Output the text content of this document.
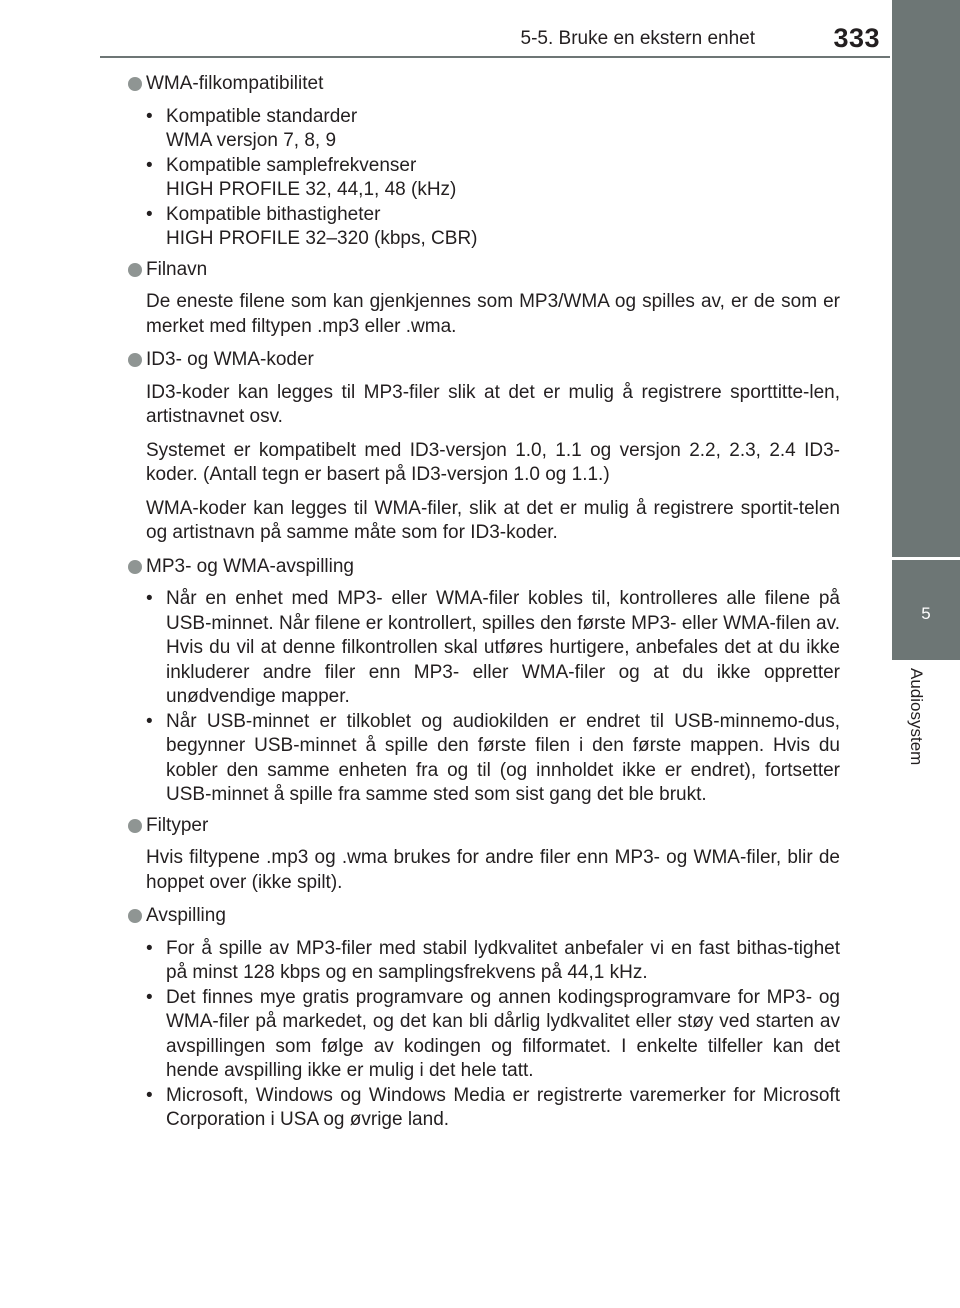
5-5. Bruke en ekstern enhet	333
5
Audiosystem
WMA-filkompatibilitet
• Kompatible standarder
WMA versjon 7, 8, 9
• Kompatible samplefrekvenser
HIGH PROFILE 32, 44,1, 48 (kHz)
• Kompatible bithastigheter
HIGH PROFILE 32–320 (kbps, CBR)
Filnavn
De eneste filene som kan gjenkjennes som MP3/WMA og spilles av, er de som er merket med filtypen .mp3 eller .wma.
ID3- og WMA-koder
ID3-koder kan legges til MP3-filer slik at det er mulig å registrere sporttitte-len, artistnavnet osv.
Systemet er kompatibelt med ID3-versjon 1.0, 1.1 og versjon 2.2, 2.3, 2.4 ID3-koder. (Antall tegn er basert på ID3-versjon 1.0 og 1.1.)
WMA-koder kan legges til WMA-filer, slik at det er mulig å registrere sportit-telen og artistnavn på samme måte som for ID3-koder.
MP3- og WMA-avspilling
• Når en enhet med MP3- eller WMA-filer kobles til, kontrolleres alle filene på USB-minnet. Når filene er kontrollert, spilles den første MP3- eller WMA-filen av. Hvis du vil at denne filkontrollen skal utføres hurtigere, anbefales det at du ikke inkluderer andre filer enn MP3- eller WMA-filer og at du ikke oppretter unødvendige mapper.
• Når USB-minnet er tilkoblet og audiokilden er endret til USB-minnemo-dus, begynner USB-minnet å spille den første filen i den første mappen. Hvis du kobler den samme enheten fra og til (og innholdet ikke er endret), fortsetter USB-minnet å spille fra samme sted som sist gang det ble brukt.
Filtyper
Hvis filtypene .mp3 og .wma brukes for andre filer enn MP3- og WMA-filer, blir de hoppet over (ikke spilt).
Avspilling
• For å spille av MP3-filer med stabil lydkvalitet anbefaler vi en fast bithas-tighet på minst 128 kbps og en samplingsfrekvens på 44,1 kHz.
• Det finnes mye gratis programvare og annen kodingsprogramvare for MP3- og WMA-filer på markedet, og det kan bli dårlig lydkvalitet eller støy ved starten av avspillingen som følge av kodingen og filformatet. I enkelte tilfeller kan det hende avspilling ikke er mulig i det hele tatt.
• Microsoft, Windows og Windows Media er registrerte varemerker for Microsoft Corporation i USA og øvrige land.
